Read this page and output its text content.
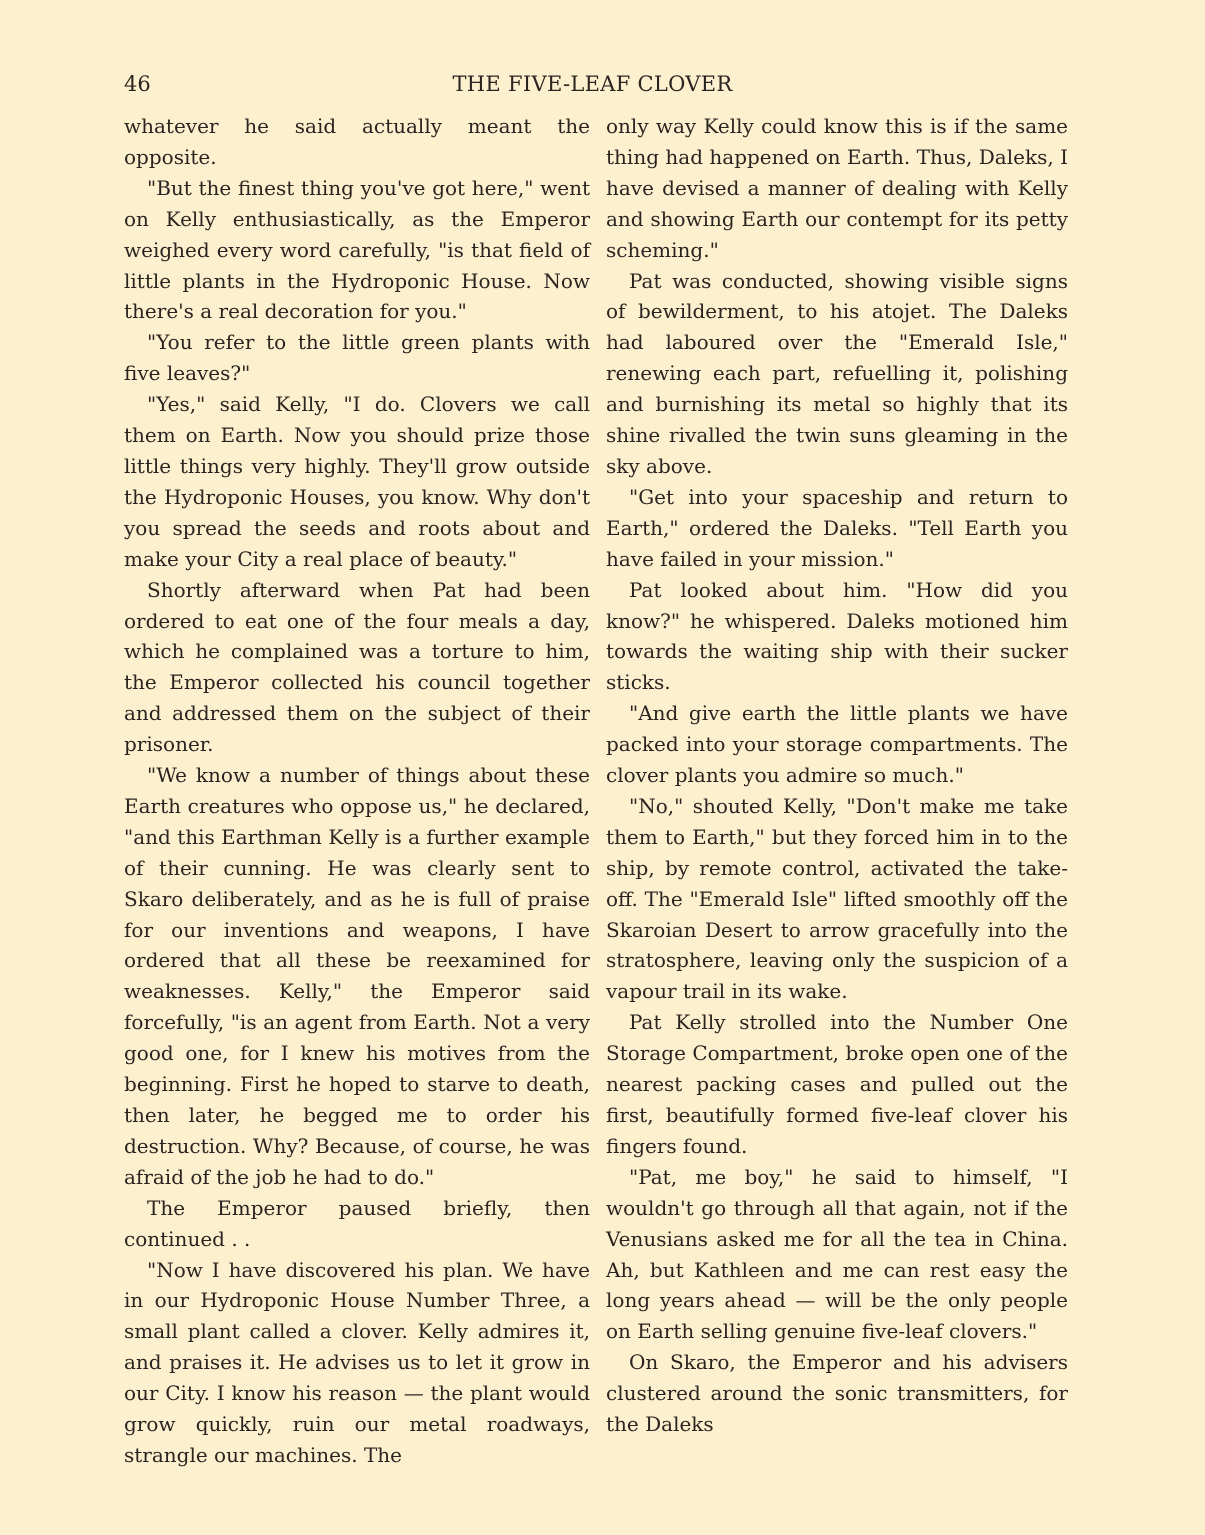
46	THE FIVE-LEAF CLOVER

whatever he said actually meant the opposite.

"But the finest thing you've got here," went on Kelly enthusiastically, as the Emperor weighed every word carefully, "is that field of little plants in the Hydroponic House. Now there's a real decoration for you."

"You refer to the little green plants with five leaves?"

"Yes," said Kelly, "I do. Clovers we call them on Earth. Now you should prize those little things very highly. They'll grow outside the Hydroponic Houses, you know. Why don't you spread the seeds and roots about and make your City a real place of beauty."

Shortly afterward when Pat had been ordered to eat one of the four meals a day, which he complained was a torture to him, the Emperor collected his council together and addressed them on the subject of their prisoner.

"We know a number of things about these Earth creatures who oppose us," he declared, "and this Earthman Kelly is a further example of their cunning. He was clearly sent to Skaro deliberately, and as he is full of praise for our inventions and weapons, I have ordered that all these be reexamined for weaknesses. Kelly," the Emperor said forcefully, "is an agent from Earth. Not a very good one, for I knew his motives from the beginning. First he hoped to starve to death, then later, he begged me to order his destruction. Why? Because, of course, he was afraid of the job he had to do."

The Emperor paused briefly, then continued . .

"Now I have discovered his plan. We have in our Hydroponic House Number Three, a small plant called a clover. Kelly admires it, and praises it. He advises us to let it grow in our City. I know his reason — the plant would grow quickly, ruin our metal roadways, strangle our machines. The

only way Kelly could know this is if the same thing had happened on Earth. Thus, Daleks, I have devised a manner of dealing with Kelly and showing Earth our contempt for its petty scheming."

Pat was conducted, showing visible signs of bewilderment, to his atojet. The Daleks had laboured over the "Emerald Isle," renewing each part, refuelling it, polishing and burnishing its metal so highly that its shine rivalled the twin suns gleaming in the sky above.

"Get into your spaceship and return to Earth," ordered the Daleks. "Tell Earth you have failed in your mission."

Pat looked about him. "How did you know?" he whispered. Daleks motioned him towards the waiting ship with their sucker sticks.

"And give earth the little plants we have packed into your storage compartments. The clover plants you admire so much."

"No," shouted Kelly, "Don't make me take them to Earth," but they forced him in to the ship, by remote control, activated the take-off. The "Emerald Isle" lifted smoothly off the Skaroian Desert to arrow gracefully into the stratosphere, leaving only the suspicion of a vapour trail in its wake.

Pat Kelly strolled into the Number One Storage Compartment, broke open one of the nearest packing cases and pulled out the first, beautifully formed five-leaf clover his fingers found.

"Pat, me boy," he said to himself, "I wouldn't go through all that again, not if the Venusians asked me for all the tea in China. Ah, but Kathleen and me can rest easy the long years ahead — will be the only people on Earth selling genuine five-leaf clovers."

On Skaro, the Emperor and his advisers clustered around the sonic transmitters, for the Daleks
